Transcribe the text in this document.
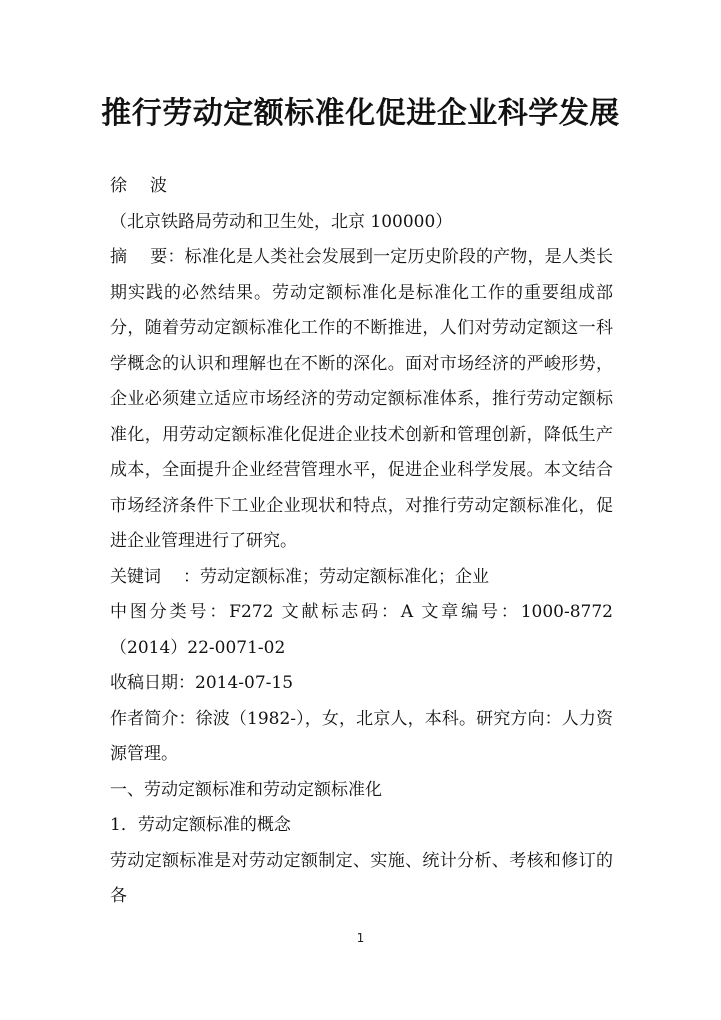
推行劳动定额标准化促进企业科学发展

徐 波

（北京铁路局劳动和卫生处，北京 100000）

摘 要：标准化是人类社会发展到一定历史阶段的产物，是人类长期实践的必然结果。劳动定额标准化是标准化工作的重要组成部分，随着劳动定额标准化工作的不断推进，人们对劳动定额这一科学概念的认识和理解也在不断的深化。面对市场经济的严峻形势，企业必须建立适应市场经济的劳动定额标准体系，推行劳动定额标准化，用劳动定额标准化促进企业技术创新和管理创新，降低生产成本，全面提升企业经营管理水平，促进企业科学发展。本文结合市场经济条件下工业企业现状和特点，对推行劳动定额标准化，促进企业管理进行了研究。

关键词 ：劳动定额标准；劳动定额标准化；企业

中图分类号：F272 文献标志码：A 文章编号：1000-8772（2014）22-0071-02

收稿日期：2014-07-15

作者简介：徐波（1982-），女，北京人，本科。研究方向：人力资源管理。

一、劳动定额标准和劳动定额标准化

1．劳动定额标准的概念

劳动定额标准是对劳动定额制定、实施、统计分析、考核和修订的各

1
